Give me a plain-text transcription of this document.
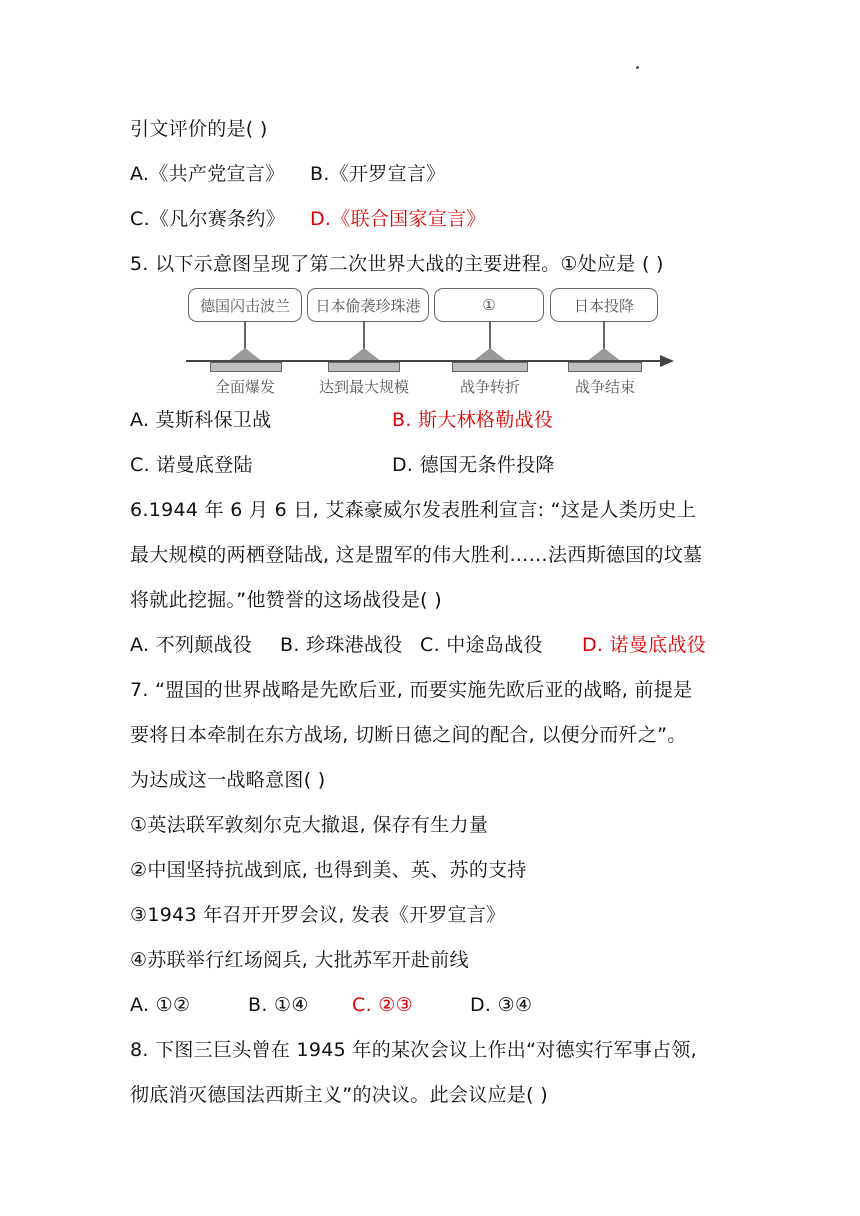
引文评价的是( )
A.《共产党宣言》 B.《开罗宣言》
C.《凡尔赛条约》 D.《联合国家宣言》
5. 以下示意图呈现了第二次世界大战的主要进程。①处应是 ( )
德国闪击波兰	日本偷袭珍珠港	①	日本投降
全面爆发	达到最大规模	战争转折	战争结束
A. 莫斯科保卫战	B. 斯大林格勒战役
C. 诺曼底登陆	D. 德国无条件投降
6.1944 年 6 月 6 日, 艾森豪威尔发表胜利宣言: “这是人类历史上
最大规模的两栖登陆战, 这是盟军的伟大胜利……法西斯德国的坟墓
将就此挖掘。”他赞誉的这场战役是( )
A. 不列颠战役 B. 珍珠港战役 C. 中途岛战役 D. 诺曼底战役
7. “盟国的世界战略是先欧后亚, 而要实施先欧后亚的战略, 前提是
要将日本牵制在东方战场, 切断日德之间的配合, 以便分而歼之”。
为达成这一战略意图( )
①英法联军敦刻尔克大撤退, 保存有生力量
②中国坚持抗战到底, 也得到美、英、苏的支持
③1943 年召开开罗会议, 发表《开罗宣言》
④苏联举行红场阅兵, 大批苏军开赴前线
A. ①②	B. ①④ C. ②③	D. ③④
8. 下图三巨头曾在 1945 年的某次会议上作出“对德实行军事占领,
彻底消灭德国法西斯主义”的决议。此会议应是( )
